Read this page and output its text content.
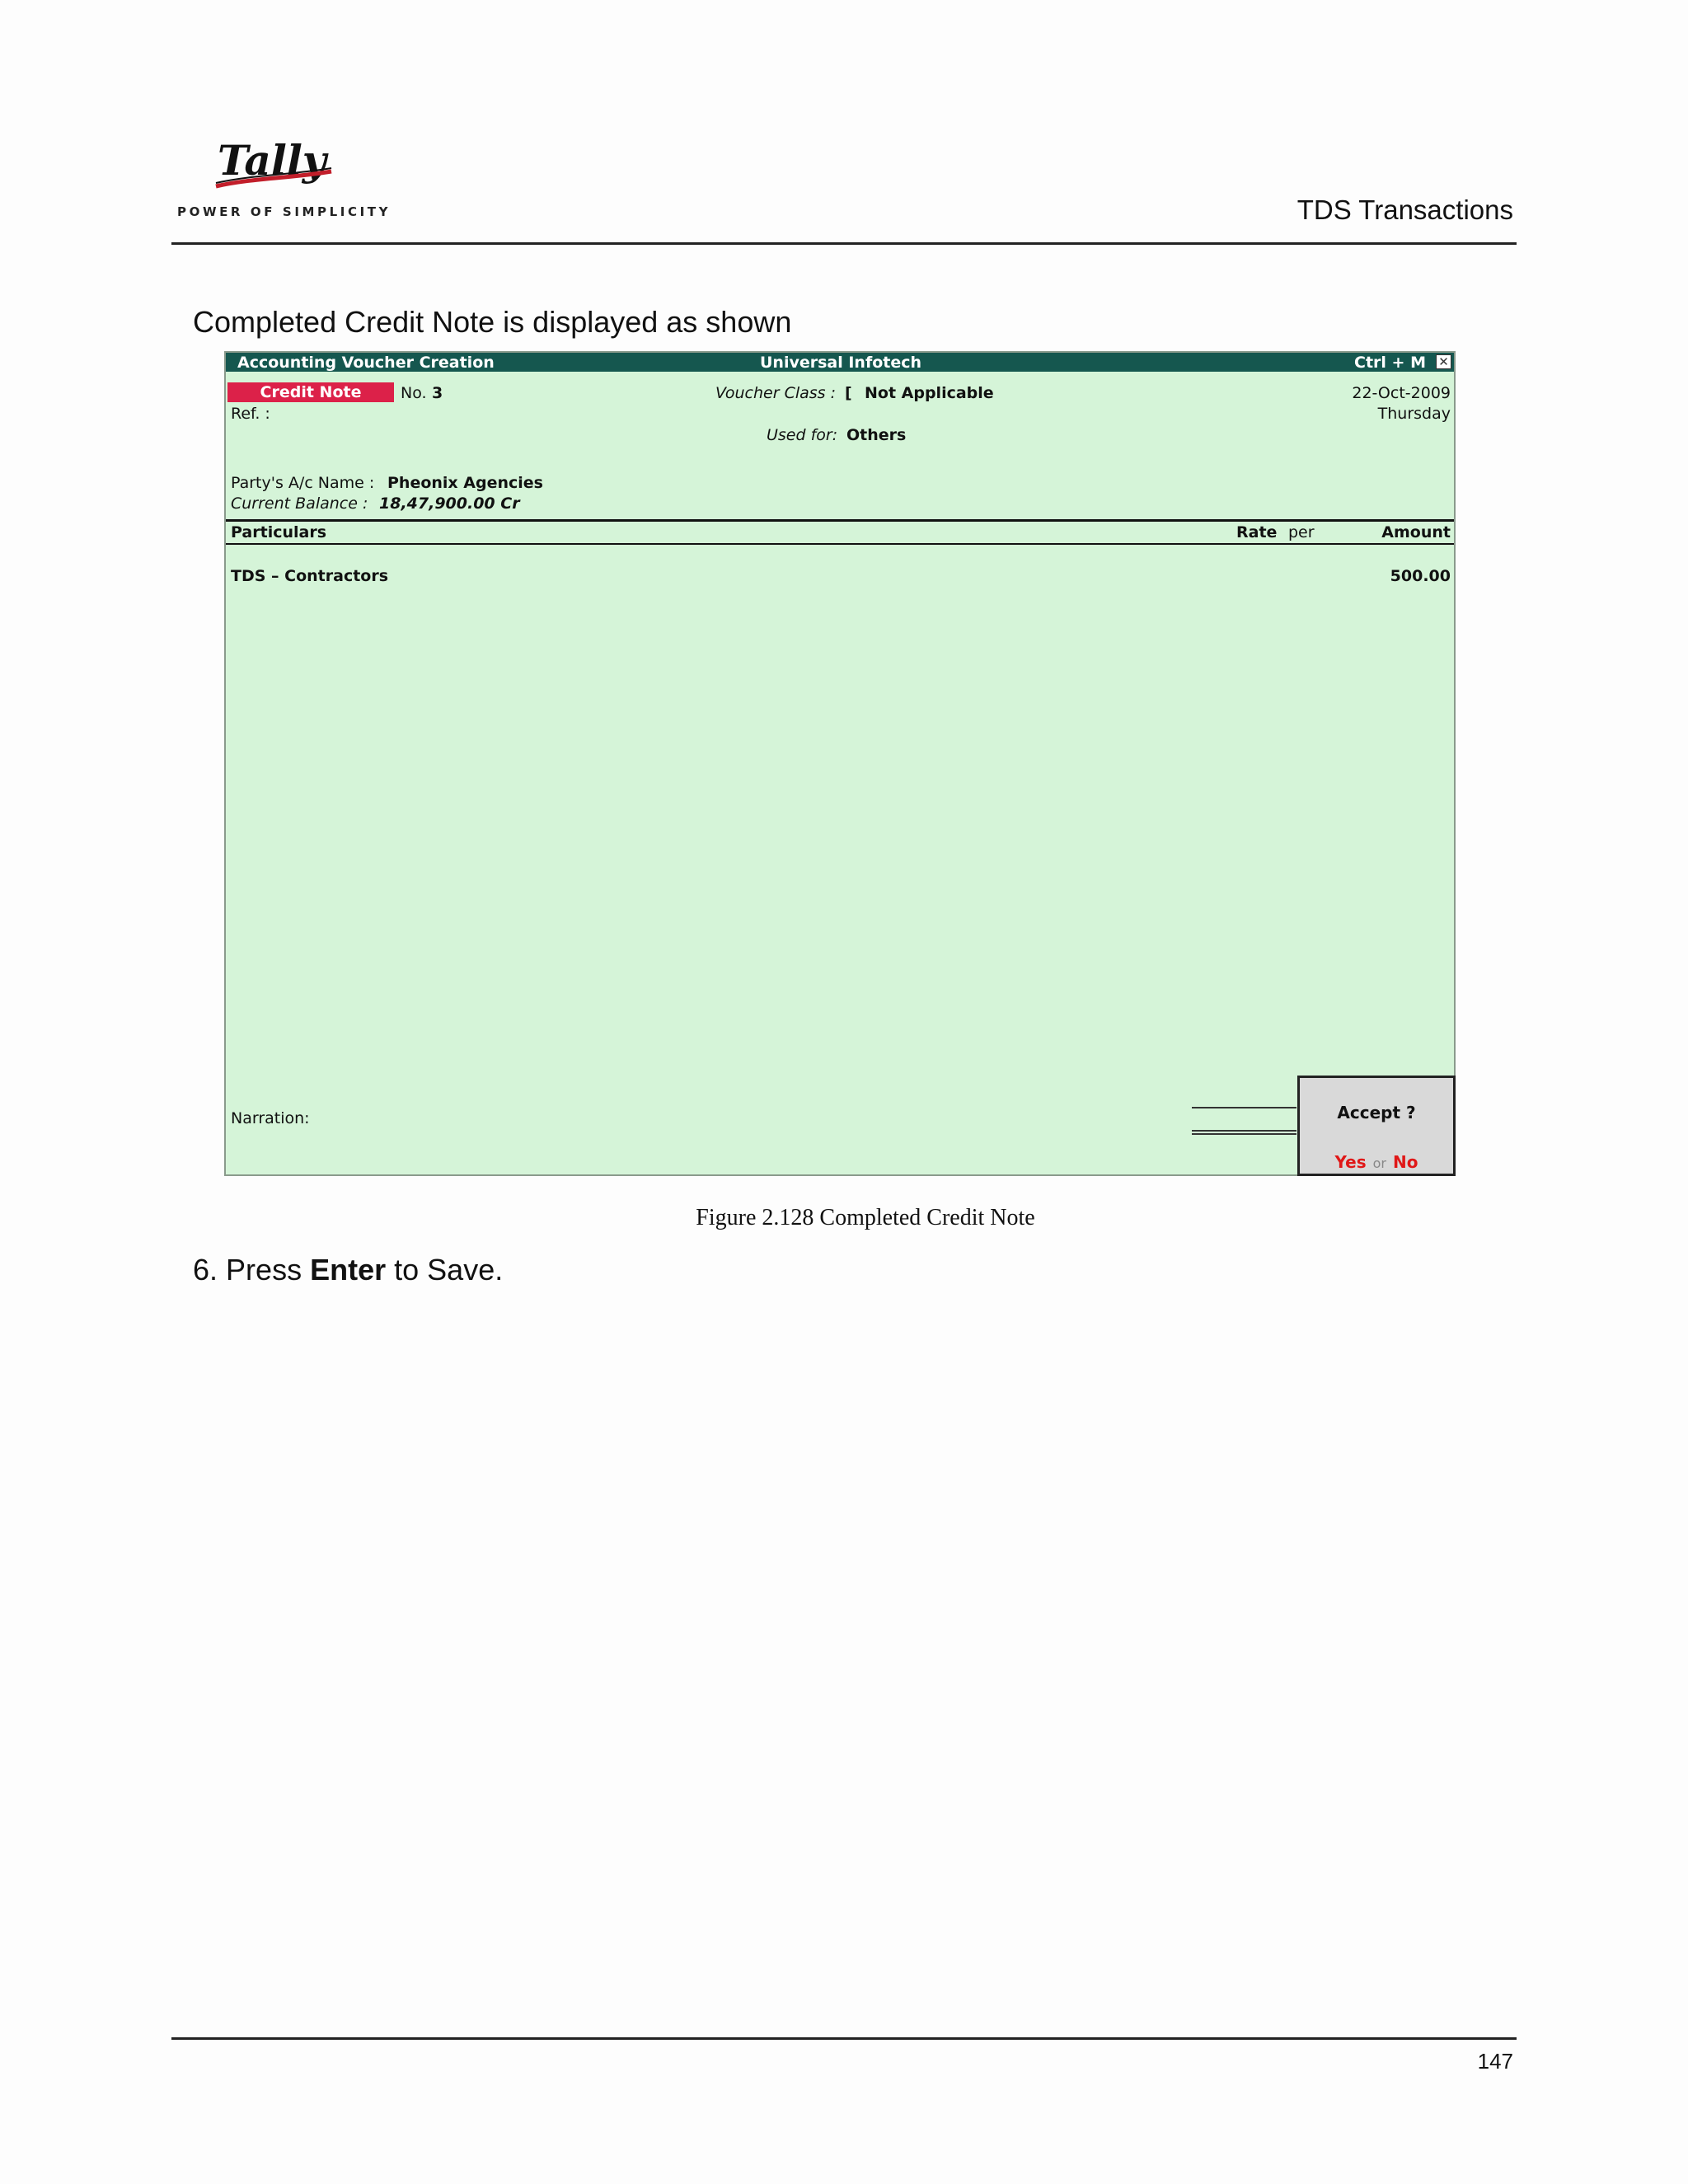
Tally
POWER OF SIMPLICITY	TDS Transactions
Completed Credit Note is displayed as shown
Accounting Voucher Creation	Universal Infotech	Ctrl + M ✕
Credit Note	No. 3	Voucher Class : [ Not Applicable	22-Oct-2009
Thursday
Ref. :
Used for: Others
Party's A/c Name : Pheonix Agencies
Current Balance : 18,47,900.00 Cr
Particulars	Rate per	Amount
TDS – Contractors	500.00
Narration:	Accept ?
Yes or No
Figure 2.128 Completed Credit Note
6. Press Enter to Save.
147
